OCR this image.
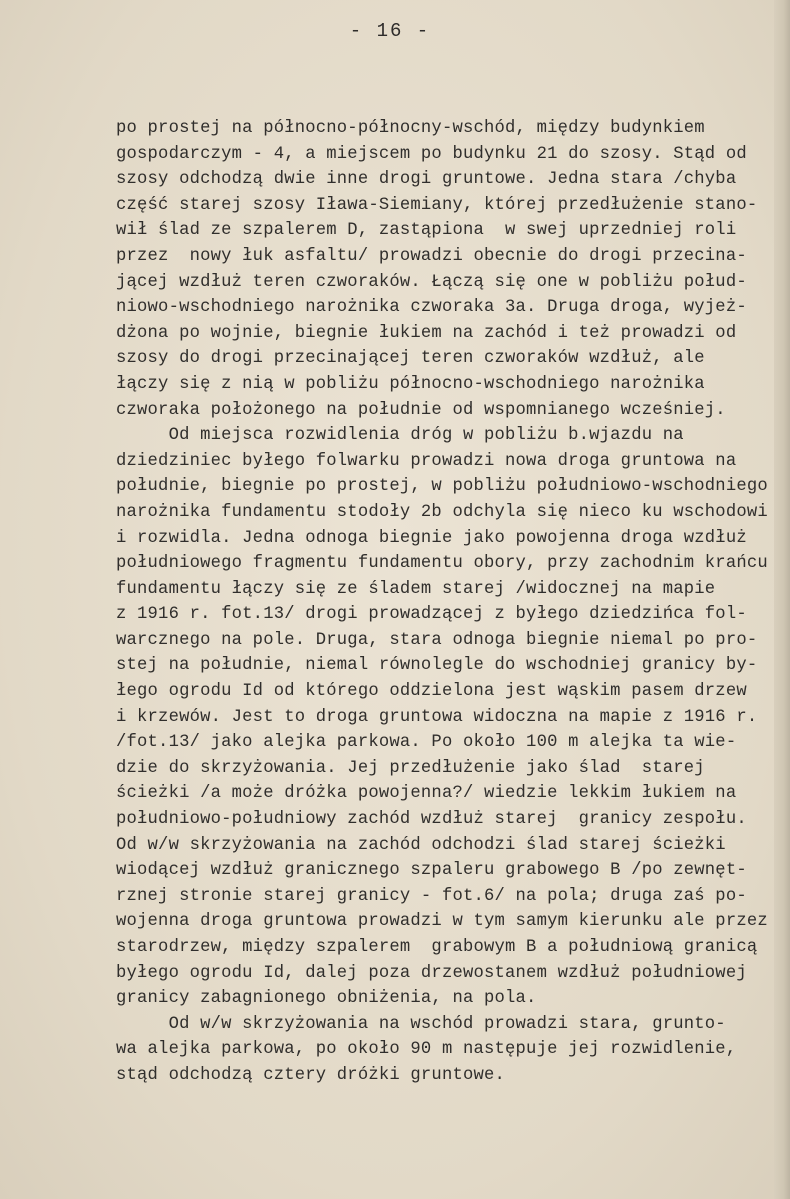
- 16 -
po prostej na północno-północny-wschód, między budynkiem
gospodarczym - 4, a miejscem po budynku 21 do szosy. Stąd od
szosy odchodzą dwie inne drogi gruntowe. Jedna stara /chyba
część starej szosy Iława-Siemiany, której przedłużenie stano-
wił ślad ze szpalerem D, zastąpiona  w swej uprzedniej roli
przez  nowy łuk asfaltu/ prowadzi obecnie do drogi przecina-
jącej wzdłuż teren czworaków. Łączą się one w pobliżu połud-
niowo-wschodniego narożnika czworaka 3a. Druga droga, wyjeż-
dżona po wojnie, biegnie łukiem na zachód i też prowadzi od
szosy do drogi przecinającej teren czworaków wzdłuż, ale
łączy się z nią w pobliżu północno-wschodniego narożnika
czworaka położonego na południe od wspomnianego wcześniej.
Od miejsca rozwidlenia dróg w pobliżu b.wjazdu na
dziedziniec byłego folwarku prowadzi nowa droga gruntowa na
południe, biegnie po prostej, w pobliżu południowo-wschodniego
narożnika fundamentu stodoły 2b odchyla się nieco ku wschodowi
i rozwidla. Jedna odnoga biegnie jako powojenna droga wzdłuż
południowego fragmentu fundamentu obory, przy zachodnim krańcu
fundamentu łączy się ze śladem starej /widocznej na mapie
z 1916 r. fot.13/ drogi prowadzącej z byłego dziedzińca fol-
warcznego na pole. Druga, stara odnoga biegnie niemal po pro-
stej na południe, niemal równolegle do wschodniej granicy by-
łego ogrodu Id od którego oddzielona jest wąskim pasem drzew
i krzewów. Jest to droga gruntowa widoczna na mapie z 1916 r.
/fot.13/ jako alejka parkowa. Po około 100 m alejka ta wie-
dzie do skrzyżowania. Jej przedłużenie jako ślad  starej
ścieżki /a może dróżka powojenna?/ wiedzie lekkim łukiem na
południowo-południowy zachód wzdłuż starej  granicy zespołu.
Od w/w skrzyżowania na zachód odchodzi ślad starej ścieżki
wiodącej wzdłuż granicznego szpaleru grabowego B /po zewnęt-
rznej stronie starej granicy - fot.6/ na pola; druga zaś po-
wojenna droga gruntowa prowadzi w tym samym kierunku ale przez
starodrzew, między szpalerem  grabowym B a południową granicą
byłego ogrodu Id, dalej poza drzewostanem wzdłuż południowej
granicy zabagnionego obniżenia, na pola.
Od w/w skrzyżowania na wschód prowadzi stara, grunto-
wa alejka parkowa, po około 90 m następuje jej rozwidlenie,
stąd odchodzą cztery dróżki gruntowe.
